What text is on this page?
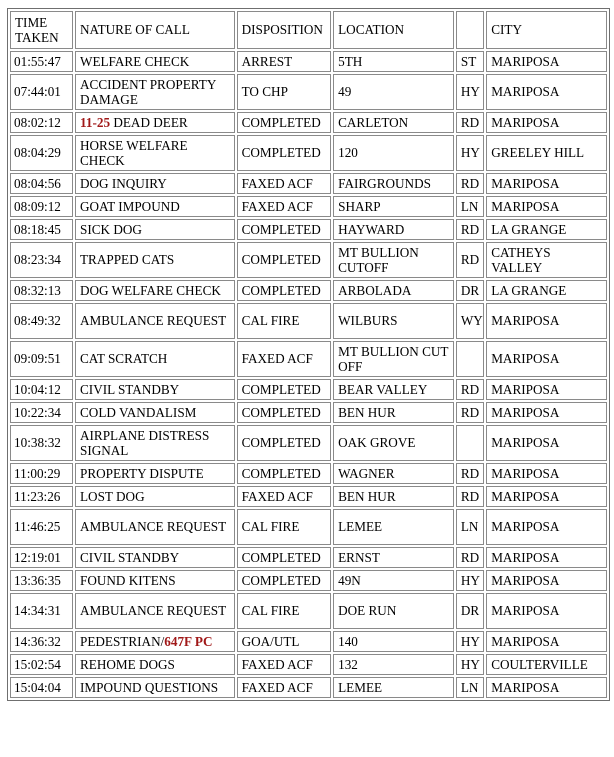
TIME TAKEN	NATURE OF CALL	DISPOSITION	LOCATION		CITY
01:55:47	WELFARE CHECK	ARREST	5TH	ST	MARIPOSA
07:44:01	ACCIDENT PROPERTY DAMAGE	TO CHP	49	HY	MARIPOSA
08:02:12	11-25 DEAD DEER	COMPLETED	CARLETON	RD	MARIPOSA
08:04:29	HORSE WELFARE CHECK	COMPLETED	120	HY	GREELEY HILL
08:04:56	DOG INQUIRY	FAXED ACF	FAIRGROUNDS	RD	MARIPOSA
08:09:12	GOAT IMPOUND	FAXED ACF	SHARP	LN	MARIPOSA
08:18:45	SICK DOG	COMPLETED	HAYWARD	RD	LA GRANGE
08:23:34	TRAPPED CATS	COMPLETED	MT BULLION CUTOFF	RD	CATHEYS VALLEY
08:32:13	DOG WELFARE CHECK	COMPLETED	ARBOLADA	DR	LA GRANGE
08:49:32	AMBULANCE REQUEST	CAL FIRE	WILBURS	WY	MARIPOSA
09:09:51	CAT SCRATCH	FAXED ACF	MT BULLION CUT OFF		MARIPOSA
10:04:12	CIVIL STANDBY	COMPLETED	BEAR VALLEY	RD	MARIPOSA
10:22:34	COLD VANDALISM	COMPLETED	BEN HUR	RD	MARIPOSA
10:38:32	AIRPLANE DISTRESS SIGNAL	COMPLETED	OAK GROVE		MARIPOSA
11:00:29	PROPERTY DISPUTE	COMPLETED	WAGNER	RD	MARIPOSA
11:23:26	LOST DOG	FAXED ACF	BEN HUR	RD	MARIPOSA
11:46:25	AMBULANCE REQUEST	CAL FIRE	LEMEE	LN	MARIPOSA
12:19:01	CIVIL STANDBY	COMPLETED	ERNST	RD	MARIPOSA
13:36:35	FOUND KITENS	COMPLETED	49N	HY	MARIPOSA
14:34:31	AMBULANCE REQUEST	CAL FIRE	DOE RUN	DR	MARIPOSA
14:36:32	PEDESTRIAN/647F PC	GOA/UTL	140	HY	MARIPOSA
15:02:54	REHOME DOGS	FAXED ACF	132	HY	COULTERVILLE
15:04:04	IMPOUND QUESTIONS	FAXED ACF	LEMEE	LN	MARIPOSA
